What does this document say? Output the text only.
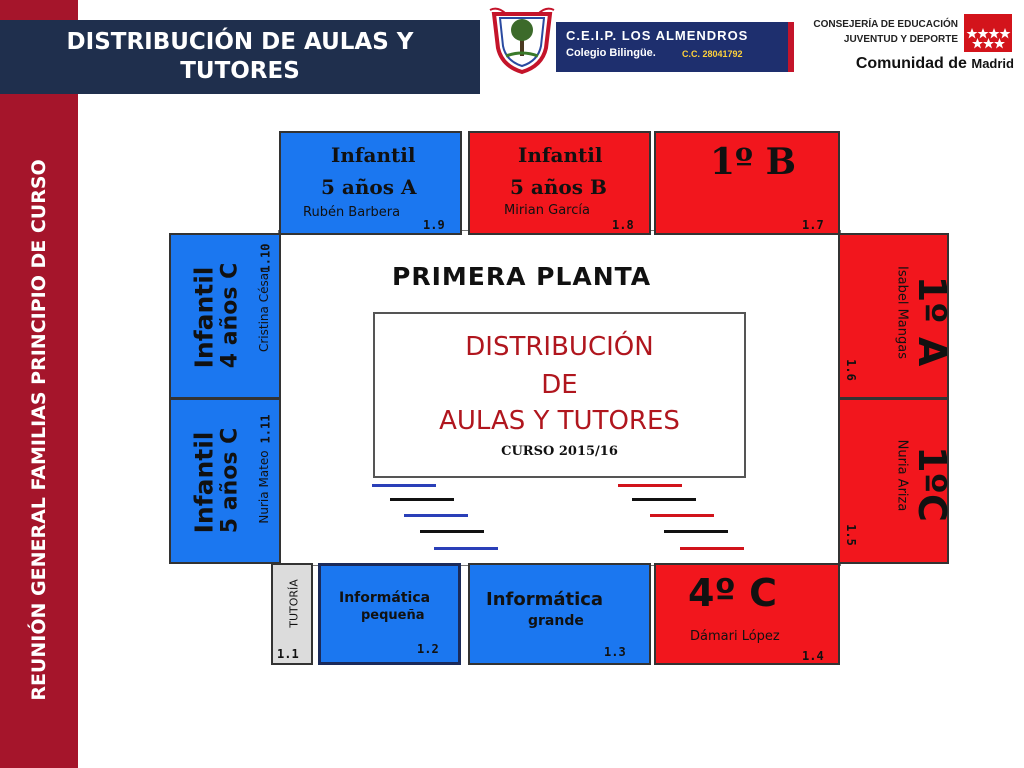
REUNIÓN GENERAL FAMILIAS PRINCIPIO DE CURSO
DISTRIBUCIÓN DE AULAS Y
TUTORES
C.E.I.P. LOS ALMENDROS
Colegio Bilingüe.	C.C. 28041792
CONSEJERÍA DE EDUCACIÓN
JUVENTUD Y DEPORTE
Comunidad de Madrid
Infantil
5 años A
Rubén Barbera
1.9
Infantil
5 años B
Mirian García
1.8
1º B
1.7
Infantil 4 años C Cristina César
1.10
Infantil 5 años C Nuria Mateo
1.11
Isabel Mangas 1º A
1.6
Nuria Ariza 1ºC
1.5
TUTORÍA
1.1
Informática
pequeña
1.2
Informática
grande
1.3
4º C
Dámari López
1.4
PRIMERA PLANTA
DISTRIBUCIÓN
DE
AULAS Y TUTORES
CURSO 2015/16
